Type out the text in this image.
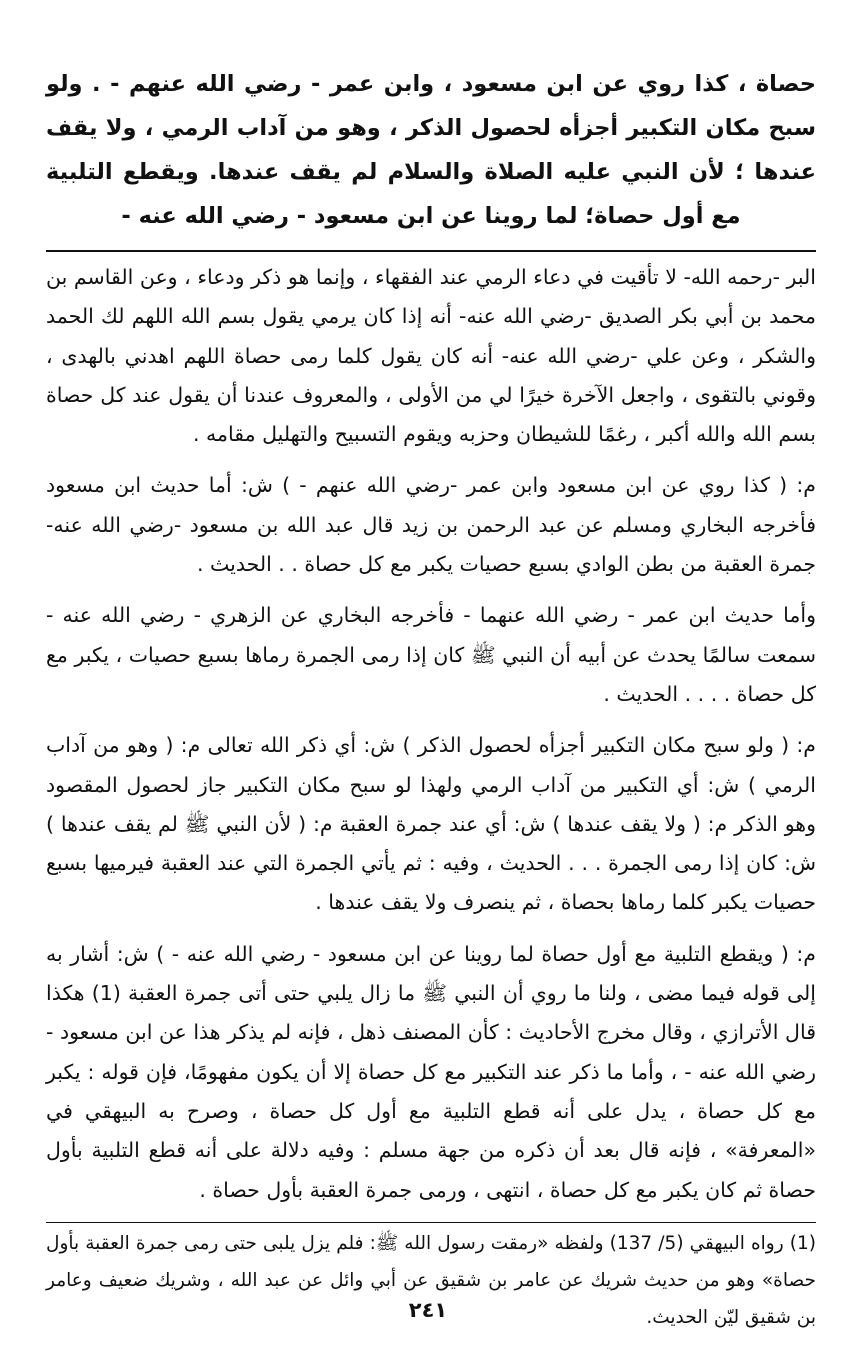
حصاة ، كذا روي عن ابن مسعود ، وابن عمر - رضي الله عنهم - . ولو سبح مكان التكبير أجزأه لحصول الذكر ، وهو من آداب الرمي ، ولا يقف عندها ؛ لأن النبي عليه الصلاة والسلام لم يقف عندها. ويقطع التلبية مع أول حصاة؛ لما روينا عن ابن مسعود - رضي الله عنه -

البر -رحمه الله- لا تأقيت في دعاء الرمي عند الفقهاء ، وإنما هو ذكر ودعاء ، وعن القاسم بن محمد بن أبي بكر الصديق -رضي الله عنه- أنه إذا كان يرمي يقول بسم الله اللهم لك الحمد والشكر ، وعن علي -رضي الله عنه- أنه كان يقول كلما رمى حصاة اللهم اهدني بالهدى ، وقوني بالتقوى ، واجعل الآخرة خيرًا لي من الأولى ، والمعروف عندنا أن يقول عند كل حصاة بسم الله والله أكبر ، رغمًا للشيطان وحزبه ويقوم التسبيح والتهليل مقامه .

م: ( كذا روي عن ابن مسعود وابن عمر -رضي الله عنهم - ) ش: أما حديث ابن مسعود فأخرجه البخاري ومسلم عن عبد الرحمن بن زيد قال عبد الله بن مسعود -رضي الله عنه- جمرة العقبة من بطن الوادي بسبع حصيات يكبر مع كل حصاة . . الحديث .

وأما حديث ابن عمر - رضي الله عنهما - فأخرجه البخاري عن الزهري - رضي الله عنه - سمعت سالمًا يحدث عن أبيه أن النبي ﷺ كان إذا رمى الجمرة رماها بسبع حصيات ، يكبر مع كل حصاة . . . . الحديث .

م: ( ولو سبح مكان التكبير أجزأه لحصول الذكر ) ش: أي ذكر الله تعالى م: ( وهو من آداب الرمي ) ش: أي التكبير من آداب الرمي ولهذا لو سبح مكان التكبير جاز لحصول المقصود وهو الذكر م: ( ولا يقف عندها ) ش: أي عند جمرة العقبة م: ( لأن النبي ﷺ لم يقف عندها ) ش: كان إذا رمى الجمرة . . . الحديث ، وفيه : ثم يأتي الجمرة التي عند العقبة فيرميها بسبع حصيات يكبر كلما رماها بحصاة ، ثم ينصرف ولا يقف عندها .

م: ( ويقطع التلبية مع أول حصاة لما روينا عن ابن مسعود - رضي الله عنه - ) ش: أشار به إلى قوله فيما مضى ، ولنا ما روي أن النبي ﷺ ما زال يلبي حتى أتى جمرة العقبة (1) هكذا قال الأترازي ، وقال مخرج الأحاديث : كأن المصنف ذهل ، فإنه لم يذكر هذا عن ابن مسعود - رضي الله عنه - ، وأما ما ذكر عند التكبير مع كل حصاة إلا أن يكون مفهومًا، فإن قوله : يكبر مع كل حصاة ، يدل على أنه قطع التلبية مع أول كل حصاة ، وصرح به البيهقي في «المعرفة» ، فإنه قال بعد أن ذكره من جهة مسلم : وفيه دلالة على أنه قطع التلبية بأول حصاة ثم كان يكبر مع كل حصاة ، انتهى ، ورمى جمرة العقبة بأول حصاة .

(1) رواه البيهقي (5/ 137) ولفظه «رمقت رسول الله ﷺ: فلم يزل يلبى حتى رمى جمرة العقبة بأول حصاة» وهو من حديث شريك عن عامر بن شقيق عن أبي وائل عن عبد الله ، وشريك ضعيف وعامر بن شقيق ليّن الحديث.

٢٤١
